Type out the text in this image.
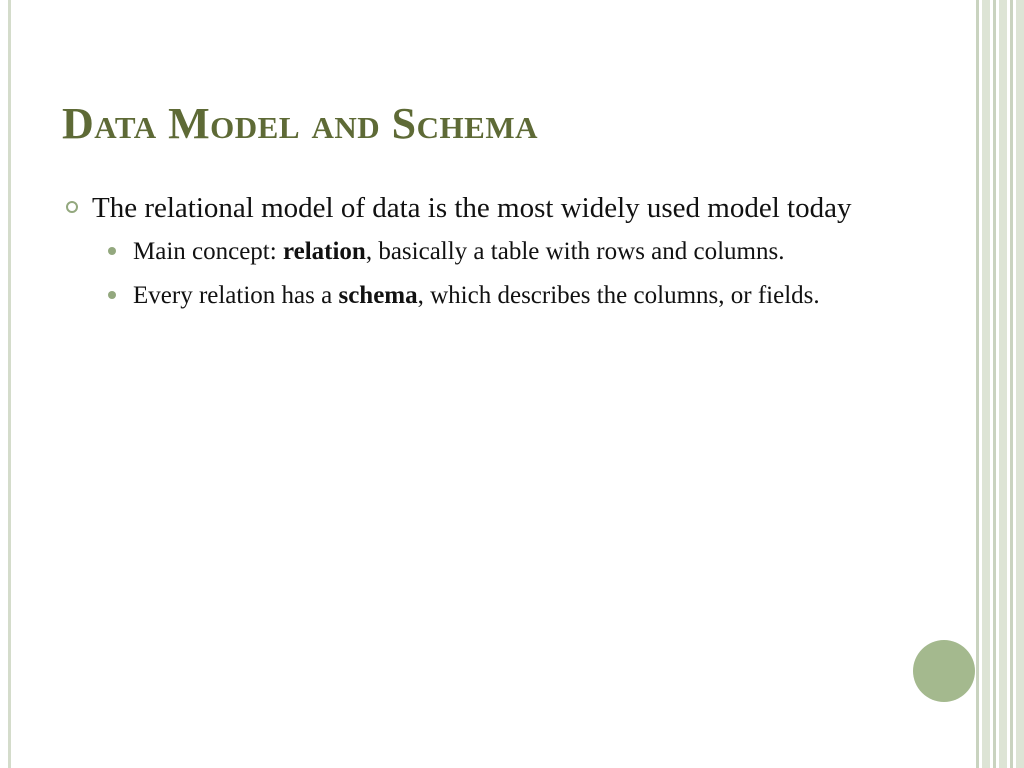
Data Model and Schema
The relational model of data is the most widely used model today
Main concept: relation, basically a table with rows and columns.
Every relation has a schema, which describes the columns, or fields.
